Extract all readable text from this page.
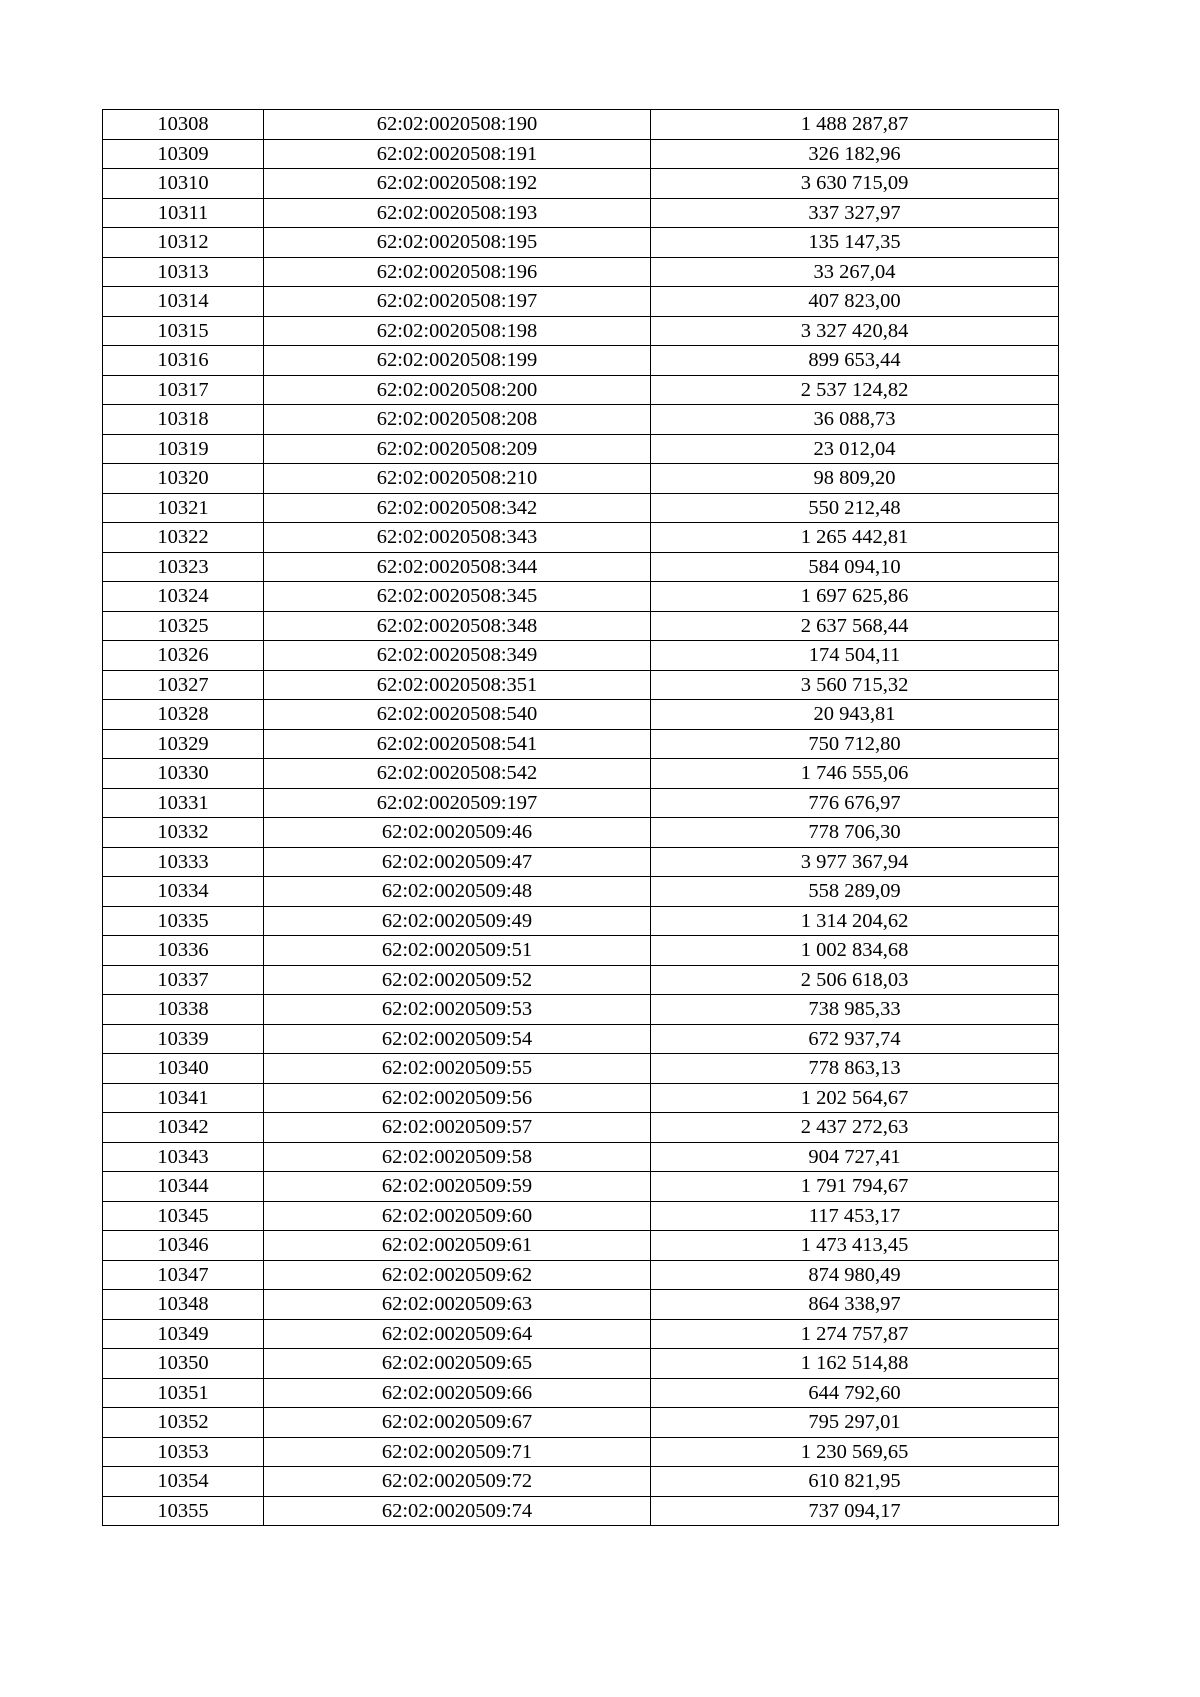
10308	62:02:0020508:190	1 488 287,87
10309	62:02:0020508:191	326 182,96
10310	62:02:0020508:192	3 630 715,09
10311	62:02:0020508:193	337 327,97
10312	62:02:0020508:195	135 147,35
10313	62:02:0020508:196	33 267,04
10314	62:02:0020508:197	407 823,00
10315	62:02:0020508:198	3 327 420,84
10316	62:02:0020508:199	899 653,44
10317	62:02:0020508:200	2 537 124,82
10318	62:02:0020508:208	36 088,73
10319	62:02:0020508:209	23 012,04
10320	62:02:0020508:210	98 809,20
10321	62:02:0020508:342	550 212,48
10322	62:02:0020508:343	1 265 442,81
10323	62:02:0020508:344	584 094,10
10324	62:02:0020508:345	1 697 625,86
10325	62:02:0020508:348	2 637 568,44
10326	62:02:0020508:349	174 504,11
10327	62:02:0020508:351	3 560 715,32
10328	62:02:0020508:540	20 943,81
10329	62:02:0020508:541	750 712,80
10330	62:02:0020508:542	1 746 555,06
10331	62:02:0020509:197	776 676,97
10332	62:02:0020509:46	778 706,30
10333	62:02:0020509:47	3 977 367,94
10334	62:02:0020509:48	558 289,09
10335	62:02:0020509:49	1 314 204,62
10336	62:02:0020509:51	1 002 834,68
10337	62:02:0020509:52	2 506 618,03
10338	62:02:0020509:53	738 985,33
10339	62:02:0020509:54	672 937,74
10340	62:02:0020509:55	778 863,13
10341	62:02:0020509:56	1 202 564,67
10342	62:02:0020509:57	2 437 272,63
10343	62:02:0020509:58	904 727,41
10344	62:02:0020509:59	1 791 794,67
10345	62:02:0020509:60	117 453,17
10346	62:02:0020509:61	1 473 413,45
10347	62:02:0020509:62	874 980,49
10348	62:02:0020509:63	864 338,97
10349	62:02:0020509:64	1 274 757,87
10350	62:02:0020509:65	1 162 514,88
10351	62:02:0020509:66	644 792,60
10352	62:02:0020509:67	795 297,01
10353	62:02:0020509:71	1 230 569,65
10354	62:02:0020509:72	610 821,95
10355	62:02:0020509:74	737 094,17
